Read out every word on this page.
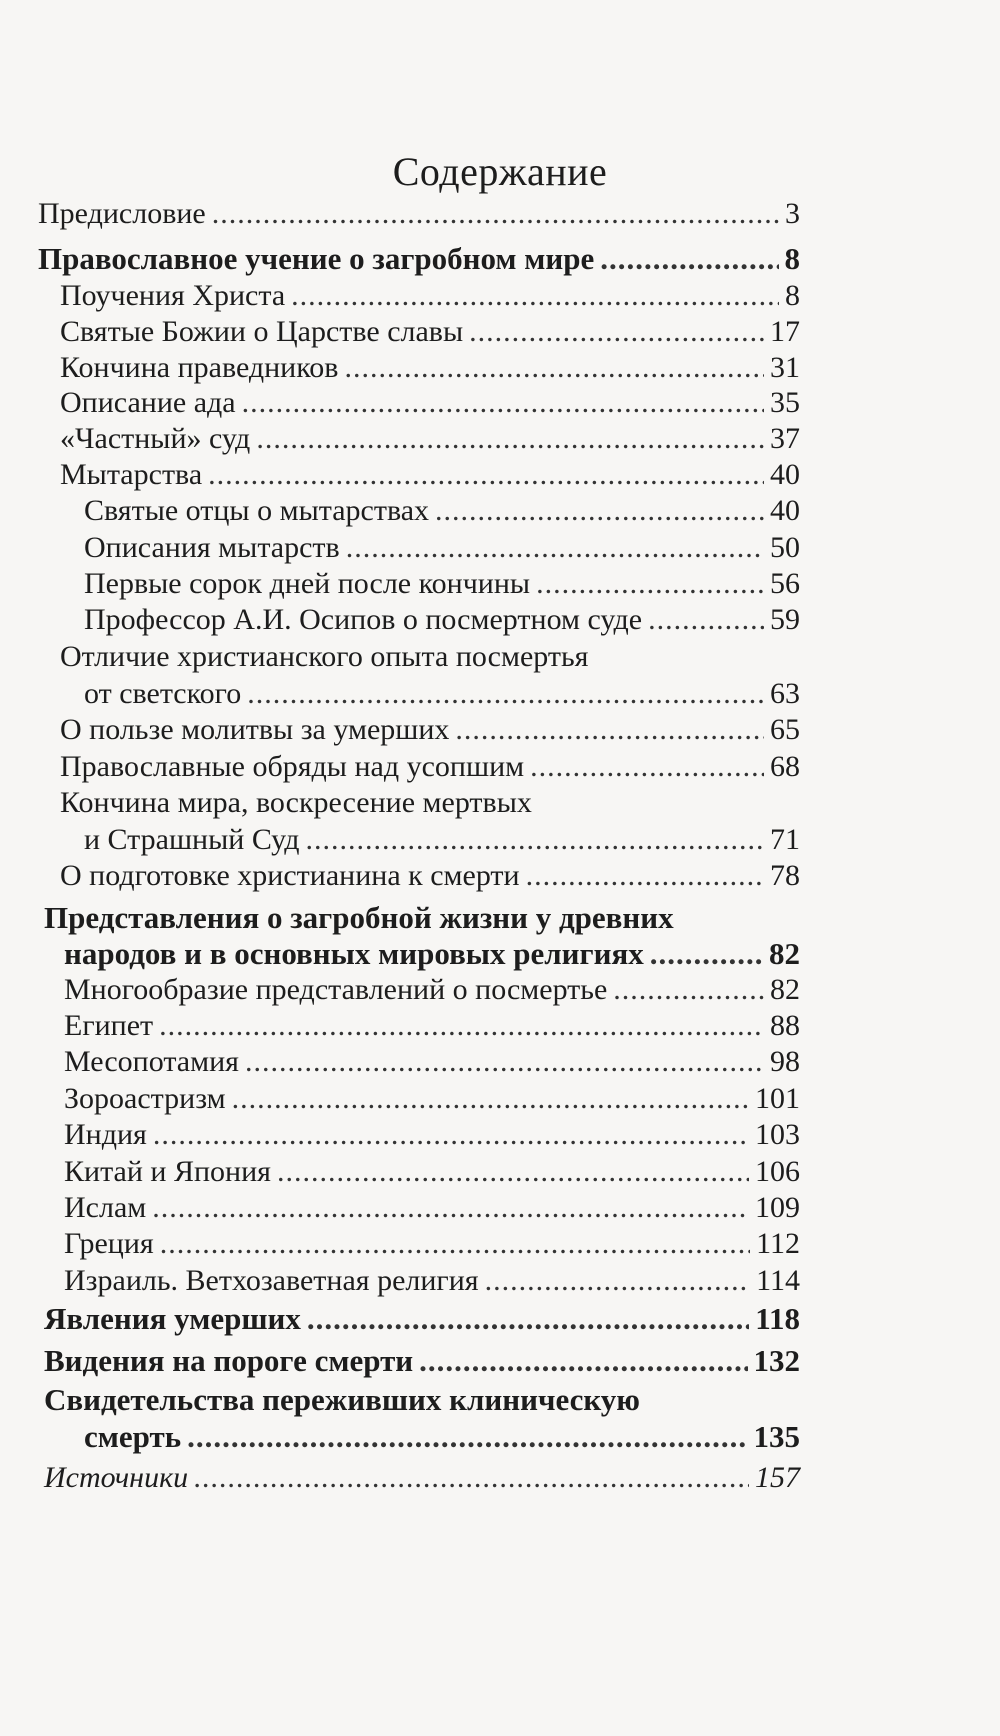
Содержание
Предисловие .....	3
Православное учение о загробном мире .....	8
Поучения Христа .....	8
Святые Божии о Царстве славы .....	17
Кончина праведников .....	31
Описание ада .....	35
«Частный» суд .....	37
Мытарства .....	40
Святые отцы о мытарствах .....	40
Описания мытарств .....	50
Первые сорок дней после кончины .....	56
Профессор А.И. Осипов о посмертном суде .....	59
Отличие христианского опыта посмертья
от светского .....	63
О пользе молитвы за умерших .....	65
Православные обряды над усопшим .....	68
Кончина мира, воскресение мертвых
и Страшный Суд .....	71
О подготовке христианина к смерти .....	78
Представления о загробной жизни у древних
народов и в основных мировых религиях .....	82
Многообразие представлений о посмертье .....	82
Египет .....	88
Месопотамия .....	98
Зороастризм .....	101
Индия .....	103
Китай и Япония .....	106
Ислам .....	109
Греция .....	112
Израиль. Ветхозаветная религия .....	114
Явления умерших .....	118
Видения на пороге смерти .....	132
Свидетельства переживших клиническую
смерть .....	135
Источники .....	157
